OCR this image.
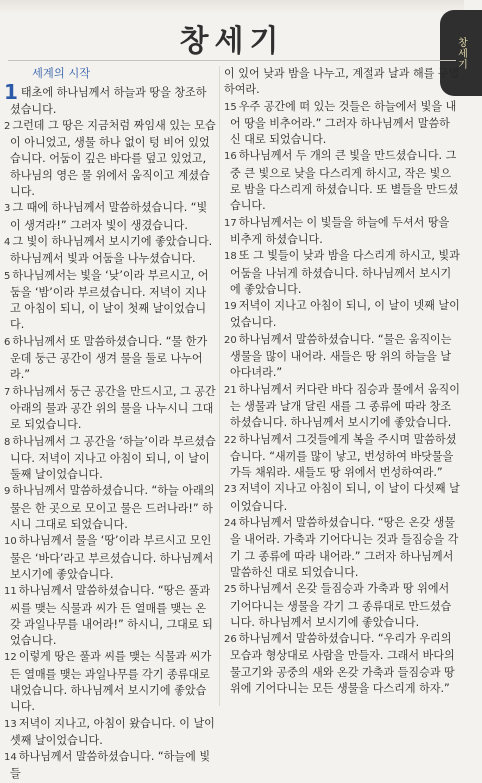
창세기	창세기
세계의 시작

1 태초에 하나님께서 하늘과 땅을 창조하셨습니다.

2 그런데 그 땅은 지금처럼 짜임새 있는 모습이 아니었고, 생물 하나 없이 텅 비어 있었습니다. 어둠이 깊은 바다를 덮고 있었고, 하나님의 영은 물 위에서 움직이고 계셨습니다.

3 그 때에 하나님께서 말씀하셨습니다. “빛이 생겨라!” 그러자 빛이 생겼습니다.

4 그 빛이 하나님께서 보시기에 좋았습니다. 하나님께서 빛과 어둠을 나누셨습니다.

5 하나님께서는 빛을 ‘낮’이라 부르시고, 어둠을 ‘밤’이라 부르셨습니다. 저녁이 지나고 아침이 되니, 이 날이 첫째 날이었습니다.

6 하나님께서 또 말씀하셨습니다. “물 한가운데 둥근 공간이 생겨 물을 둘로 나누어라.”

7 하나님께서 둥근 공간을 만드시고, 그 공간 아래의 물과 공간 위의 물을 나누시니 그대로 되었습니다.

8 하나님께서 그 공간을 ‘하늘’이라 부르셨습니다. 저녁이 지나고 아침이 되니, 이 날이 둘째 날이었습니다.

9 하나님께서 말씀하셨습니다. “하늘 아래의 물은 한 곳으로 모이고 물은 드러나라!” 하시니 그대로 되었습니다.

10 하나님께서 물을 ‘땅’이라 부르시고 모인 물은 ‘바다’라고 부르셨습니다. 하나님께서 보시기에 좋았습니다.

11 하나님께서 말씀하셨습니다. “땅은 풀과 씨를 맺는 식물과 씨가 든 열매를 맺는 온갖 과일나무를 내어라!” 하시니, 그대로 되었습니다.

12 이렇게 땅은 풀과 씨를 맺는 식물과 씨가 든 열매를 맺는 과일나무를 각기 종류대로 내었습니다. 하나님께서 보시기에 좋았습니다.

13 저녁이 지나고, 아침이 왔습니다. 이 날이 셋째 날이었습니다.

14 하나님께서 말씀하셨습니다. “하늘에 빛들

이 있어 낮과 밤을 나누고, 계절과 날과 해를 구별하여라.

15 우주 공간에 떠 있는 것들은 하늘에서 빛을 내어 땅을 비추어라.” 그러자 하나님께서 말씀하신 대로 되었습니다.

16 하나님께서 두 개의 큰 빛을 만드셨습니다. 그 중 큰 빛으로 낮을 다스리게 하시고, 작은 빛으로 밤을 다스리게 하셨습니다. 또 별들을 만드셨습니다.

17 하나님께서는 이 빛들을 하늘에 두셔서 땅을 비추게 하셨습니다.

18 또 그 빛들이 낮과 밤을 다스리게 하시고, 빛과 어둠을 나뉘게 하셨습니다. 하나님께서 보시기에 좋았습니다.

19 저녁이 지나고 아침이 되니, 이 날이 넷째 날이었습니다.

20 하나님께서 말씀하셨습니다. “물은 움직이는 생물을 많이 내어라. 새들은 땅 위의 하늘을 날아다녀라.”

21 하나님께서 커다란 바다 짐승과 물에서 움직이는 생물과 날개 달린 새를 그 종류에 따라 창조하셨습니다. 하나님께서 보시기에 좋았습니다.

22 하나님께서 그것들에게 복을 주시며 말씀하셨습니다. “새끼를 많이 낳고, 번성하여 바닷물을 가득 채워라. 새들도 땅 위에서 번성하여라.”

23 저녁이 지나고 아침이 되니, 이 날이 다섯째 날이었습니다.

24 하나님께서 말씀하셨습니다. “땅은 온갖 생물을 내어라. 가축과 기어다니는 것과 들짐승을 각기 그 종류에 따라 내어라.” 그러자 하나님께서 말씀하신 대로 되었습니다.

25 하나님께서 온갖 들짐승과 가축과 땅 위에서 기어다니는 생물을 각기 그 종류대로 만드셨습니다. 하나님께서 보시기에 좋았습니다.

26 하나님께서 말씀하셨습니다. “우리가 우리의 모습과 형상대로 사람을 만들자. 그래서 바다의 물고기와 공중의 새와 온갖 가축과 들짐승과 땅 위에 기어다니는 모든 생물을 다스리게 하자.”
